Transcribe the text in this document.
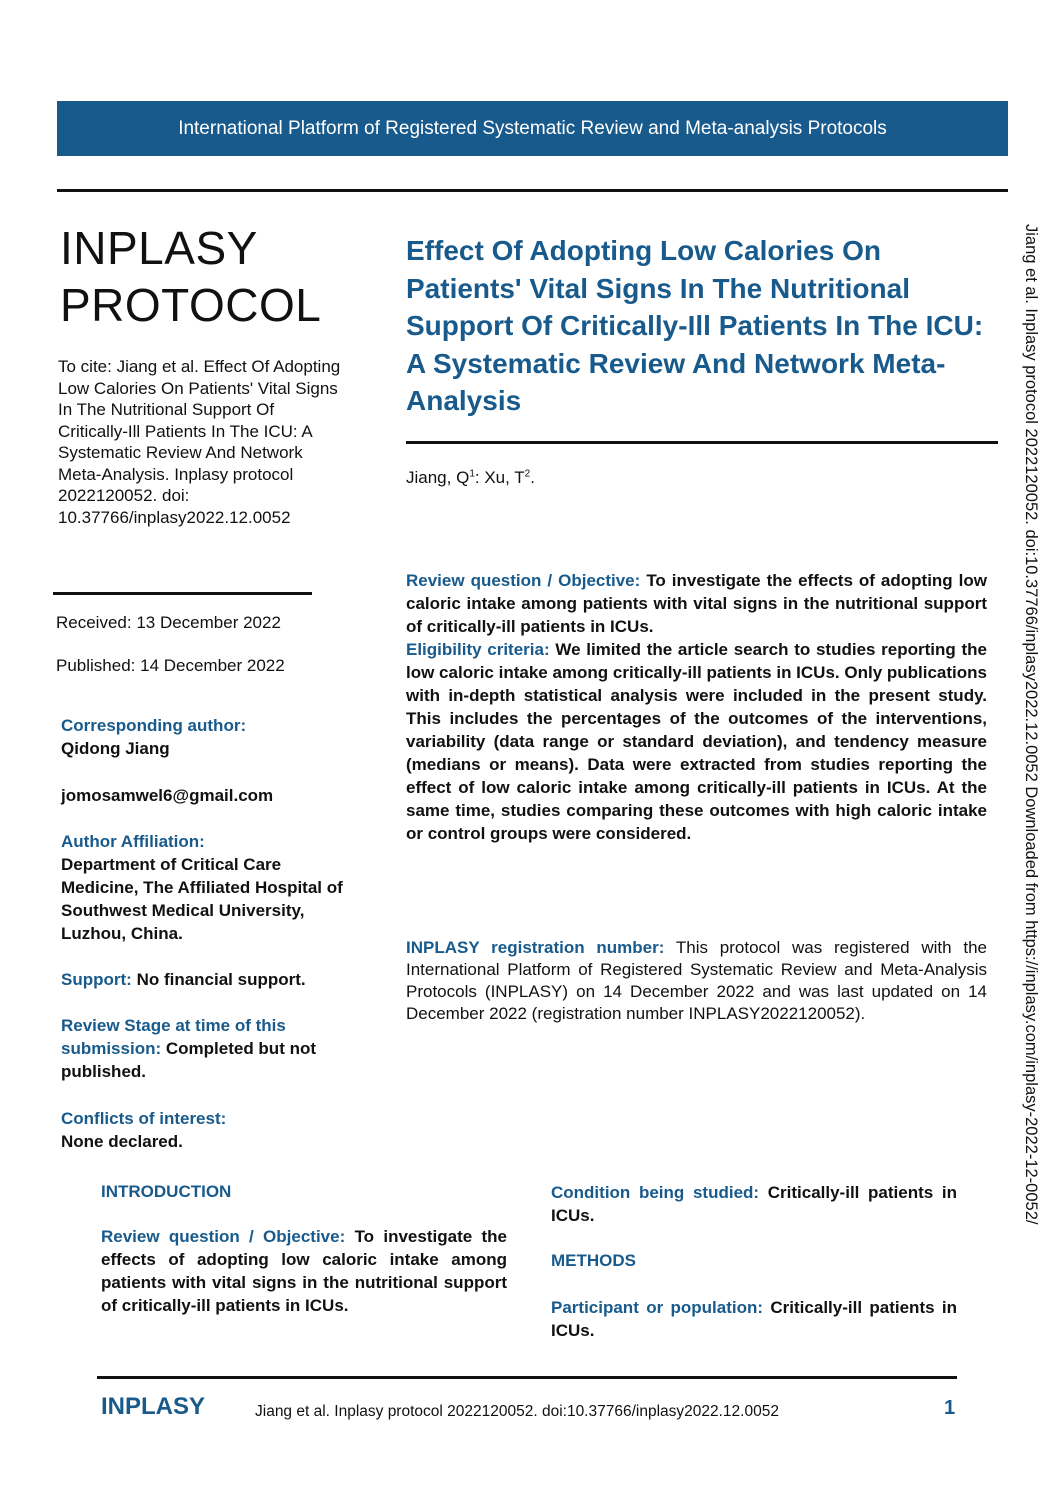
International Platform of Registered Systematic Review and Meta-analysis Protocols
INPLASY
PROTOCOL
To cite: Jiang et al. Effect Of Adopting Low Calories On Patients' Vital Signs In The Nutritional Support Of Critically-Ill Patients In The ICU: A Systematic Review And Network Meta-Analysis. Inplasy protocol 2022120052. doi: 10.37766/inplasy2022.12.0052
Received: 13 December 2022
Published: 14 December 2022
Corresponding author:
Qidong Jiang
jomosamwel6@gmail.com
Author Affiliation:
Department of Critical Care Medicine, The Affiliated Hospital of Southwest Medical University, Luzhou, China.
Support: No financial support.
Review Stage at time of this submission: Completed but not published.
Conflicts of interest:
None declared.
Effect Of Adopting Low Calories On Patients' Vital Signs In The Nutritional Support Of Critically-Ill Patients In The ICU: A Systematic Review And Network Meta-Analysis
Jiang, $Q^1$: Xu, $T^2$.
Review question / Objective: To investigate the effects of adopting low caloric intake among patients with vital signs in the nutritional support of critically-ill patients in ICUs.
Eligibility criteria: We limited the article search to studies reporting the low caloric intake among critically-ill patients in ICUs. Only publications with in-depth statistical analysis were included in the present study. This includes the percentages of the outcomes of the interventions, variability (data range or standard deviation), and tendency measure (medians or means). Data were extracted from studies reporting the effect of low caloric intake among critically-ill patients in ICUs. At the same time, studies comparing these outcomes with high caloric intake or control groups were considered.
INPLASY registration number: This protocol was registered with the International Platform of Registered Systematic Review and Meta-Analysis Protocols (INPLASY) on 14 December 2022 and was last updated on 14 December 2022 (registration number INPLASY2022120052).
INTRODUCTION
Review question / Objective: To investigate the effects of adopting low caloric intake among patients with vital signs in the nutritional support of critically-ill patients in ICUs.
Condition being studied: Critically-ill patients in ICUs.
METHODS
Participant or population: Critically-ill patients in ICUs.
INPLASY	Jiang et al. Inplasy protocol 2022120052. doi:10.37766/inplasy2022.12.0052	1
Jiang et al. Inplasy protocol 2022120052. doi:10.37766/inplasy2022.12.0052 Downloaded from https://inplasy.com/inplasy-2022-12-0052/
